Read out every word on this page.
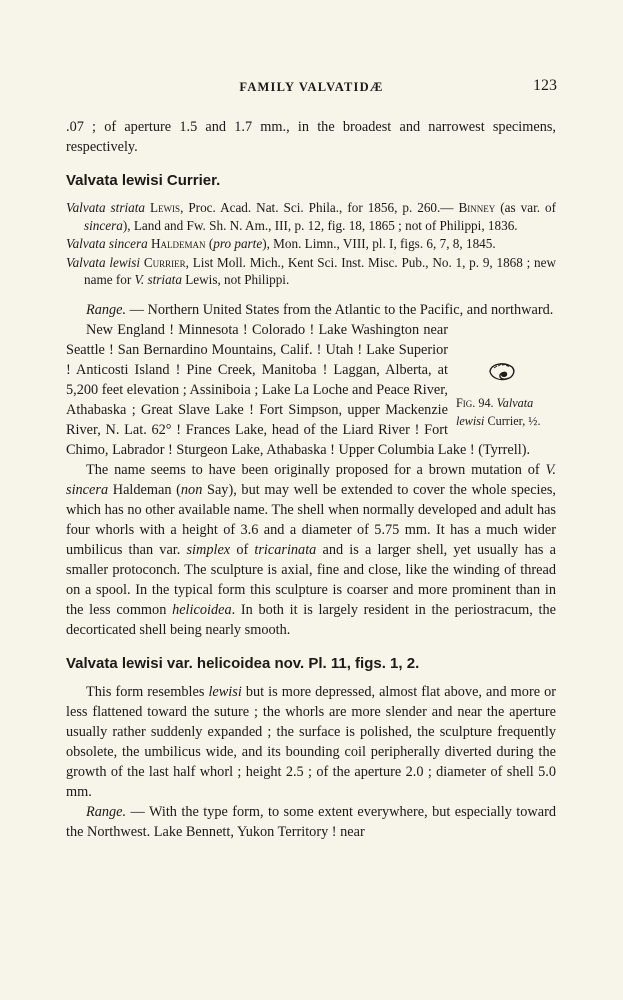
FAMILY VALVATIDÆ	123

.07 ; of aperture 1.5 and 1.7 mm., in the broadest and narrowest specimens, respectively.

Valvata lewisi Currier.

Valvata striata Lewis, Proc. Acad. Nat. Sci. Phila., for 1856, p. 260.— Binney (as var. of sincera), Land and Fw. Sh. N. Am., III, p. 12, fig. 18, 1865 ; not of Philippi, 1836.

Valvata sincera Haldeman (pro parte), Mon. Limn., VIII, pl. I, figs. 6, 7, 8, 1845.

Valvata lewisi Currier, List Moll. Mich., Kent Sci. Inst. Misc. Pub., No. 1, p. 9, 1868 ; new name for V. striata Lewis, not Philippi.

Range. — Northern United States from the Atlantic to the Pacific, and northward.

Fig. 94. Valvata lewisi Currier, ½.

New England ! Minnesota ! Colorado ! Lake Washington near Seattle ! San Bernardino Mountains, Calif. ! Utah ! Lake Superior ! Anticosti Island ! Pine Creek, Manitoba ! Laggan, Alberta, at 5,200 feet elevation ; Assiniboia ; Lake La Loche and Peace River, Athabaska ; Great Slave Lake ! Fort Simpson, upper Mackenzie River, N. Lat. 62° ! Frances Lake, head of the Liard River ! Fort Chimo, Labrador ! Sturgeon Lake, Athabaska ! Upper Columbia Lake ! (Tyrrell).

The name seems to have been originally proposed for a brown mutation of V. sincera Haldeman (non Say), but may well be extended to cover the whole species, which has no other available name. The shell when normally developed and adult has four whorls with a height of 3.6 and a diameter of 5.75 mm. It has a much wider umbilicus than var. simplex of tricarinata and is a larger shell, yet usually has a smaller protoconch. The sculpture is axial, fine and close, like the winding of thread on a spool. In the typical form this sculpture is coarser and more prominent than in the less common helicoidea. In both it is largely resident in the periostracum, the decorticated shell being nearly smooth.

Valvata lewisi var. helicoidea nov. Pl. 11, figs. 1, 2.

This form resembles lewisi but is more depressed, almost flat above, and more or less flattened toward the suture ; the whorls are more slender and near the aperture usually rather suddenly expanded ; the surface is polished, the sculpture frequently obsolete, the umbilicus wide, and its bounding coil peripherally diverted during the growth of the last half whorl ; height 2.5 ; of the aperture 2.0 ; diameter of shell 5.0 mm.

Range. — With the type form, to some extent everywhere, but especially toward the Northwest. Lake Bennett, Yukon Territory ! near
